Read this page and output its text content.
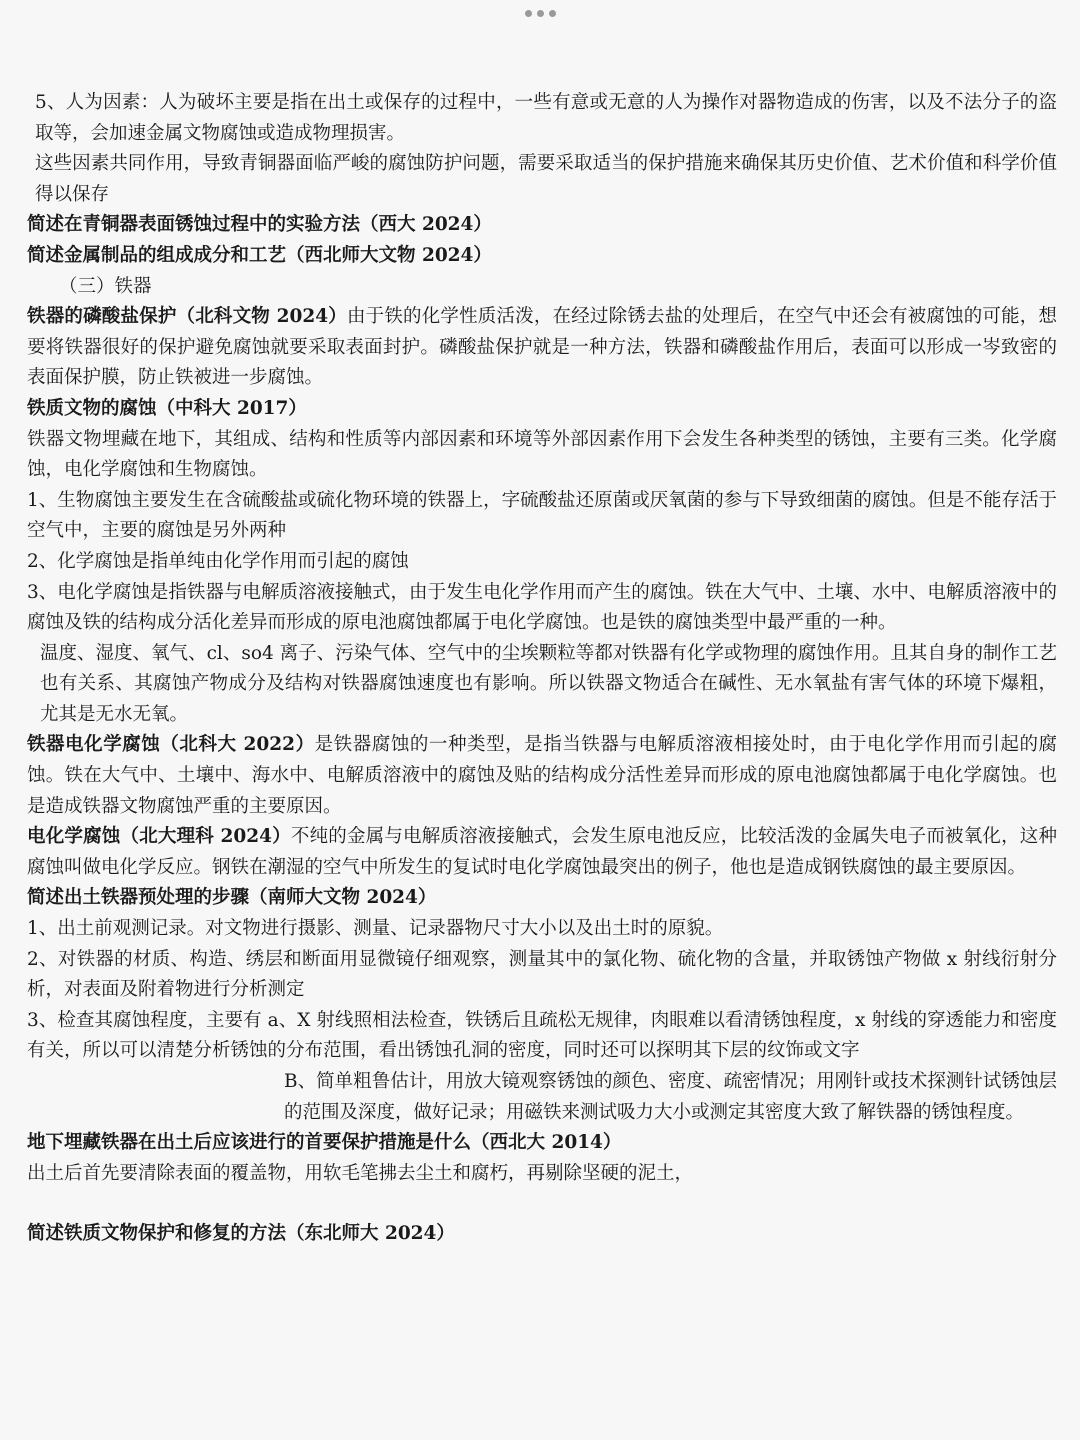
5、人为因素：人为破坏主要是指在出土或保存的过程中，一些有意或无意的人为操作对器物造成的伤害，以及不法分子的盗取等，会加速金属文物腐蚀或造成物理损害。

这些因素共同作用，导致青铜器面临严峻的腐蚀防护问题，需要采取适当的保护措施来确保其历史价值、艺术价值和科学价值得以保存

简述在青铜器表面锈蚀过程中的实验方法（西大 2024）

简述金属制品的组成成分和工艺（西北师大文物 2024）

（三）铁器

铁器的磷酸盐保护（北科文物 2024）由于铁的化学性质活泼，在经过除锈去盐的处理后，在空气中还会有被腐蚀的可能，想要将铁器很好的保护避免腐蚀就要采取表面封护。磷酸盐保护就是一种方法，铁器和磷酸盐作用后，表面可以形成一岑致密的表面保护膜，防止铁被进一步腐蚀。

铁质文物的腐蚀（中科大 2017）

铁器文物埋藏在地下，其组成、结构和性质等内部因素和环境等外部因素作用下会发生各种类型的锈蚀，主要有三类。化学腐蚀，电化学腐蚀和生物腐蚀。

1、生物腐蚀主要发生在含硫酸盐或硫化物环境的铁器上，字硫酸盐还原菌或厌氧菌的参与下导致细菌的腐蚀。但是不能存活于空气中，主要的腐蚀是另外两种

2、化学腐蚀是指单纯由化学作用而引起的腐蚀

3、电化学腐蚀是指铁器与电解质溶液接触式，由于发生电化学作用而产生的腐蚀。铁在大气中、土壤、水中、电解质溶液中的腐蚀及铁的结构成分活化差异而形成的原电池腐蚀都属于电化学腐蚀。也是铁的腐蚀类型中最严重的一种。

温度、湿度、氧气、cl、so4 离子、污染气体、空气中的尘埃颗粒等都对铁器有化学或物理的腐蚀作用。且其自身的制作工艺也有关系、其腐蚀产物成分及结构对铁器腐蚀速度也有影响。所以铁器文物适合在碱性、无水氧盐有害气体的环境下爆粗，尤其是无水无氧。

铁器电化学腐蚀（北科大 2022）是铁器腐蚀的一种类型，是指当铁器与电解质溶液相接处时，由于电化学作用而引起的腐蚀。铁在大气中、土壤中、海水中、电解质溶液中的腐蚀及贴的结构成分活性差异而形成的原电池腐蚀都属于电化学腐蚀。也是造成铁器文物腐蚀严重的主要原因。

电化学腐蚀（北大理科 2024）不纯的金属与电解质溶液接触式，会发生原电池反应，比较活泼的金属失电子而被氧化，这种腐蚀叫做电化学反应。钢铁在潮湿的空气中所发生的复试时电化学腐蚀最突出的例子，他也是造成钢铁腐蚀的最主要原因。

简述出土铁器预处理的步骤（南师大文物 2024）

1、出土前观测记录。对文物进行摄影、测量、记录器物尺寸大小以及出土时的原貌。

2、对铁器的材质、构造、绣层和断面用显微镜仔细观察，测量其中的氯化物、硫化物的含量，并取锈蚀产物做 x 射线衍射分析，对表面及附着物进行分析测定

3、检查其腐蚀程度，主要有 a、X 射线照相法检查，铁锈后且疏松无规律，肉眼难以看清锈蚀程度，x 射线的穿透能力和密度有关，所以可以清楚分析锈蚀的分布范围，看出锈蚀孔洞的密度，同时还可以探明其下层的纹饰或文字

B、简单粗鲁估计，用放大镜观察锈蚀的颜色、密度、疏密情况；用刚针或技术探测针试锈蚀层的范围及深度，做好记录；用磁铁来测试吸力大小或测定其密度大致了解铁器的锈蚀程度。

地下埋藏铁器在出土后应该进行的首要保护措施是什么（西北大 2014）

出土后首先要清除表面的覆盖物，用软毛笔拂去尘土和腐朽，再剔除坚硬的泥土，

简述铁质文物保护和修复的方法（东北师大 2024）
